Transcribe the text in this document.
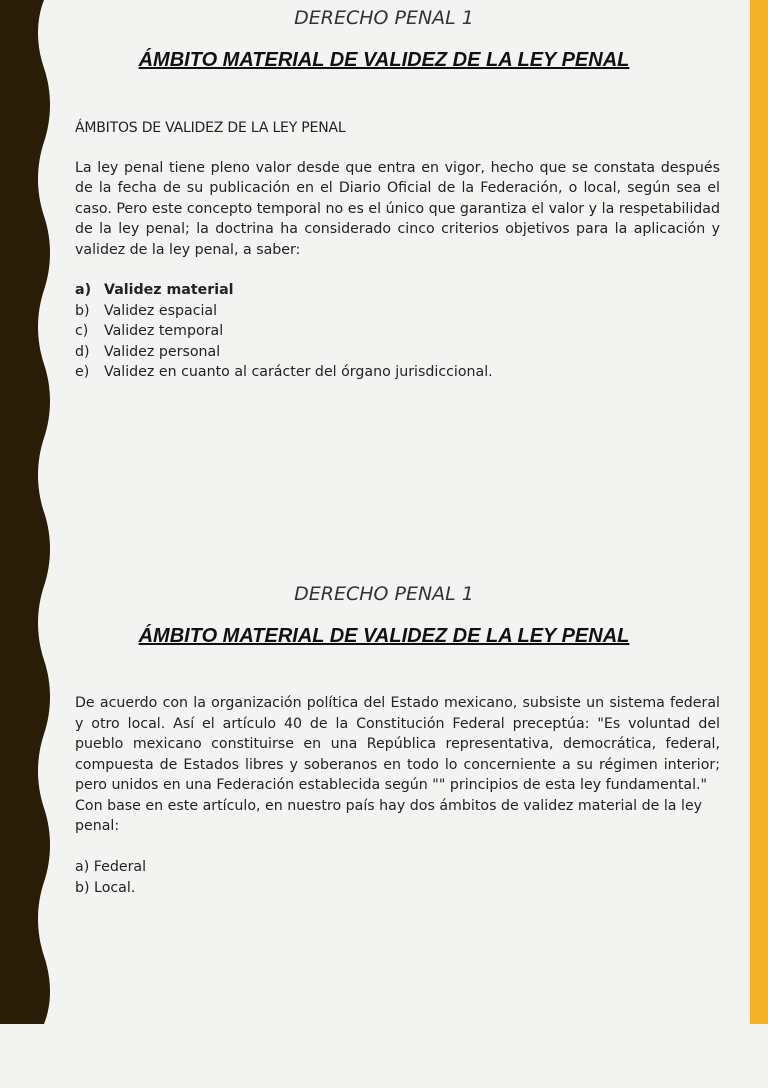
DERECHO PENAL 1
ÁMBITO MATERIAL DE VALIDEZ DE LA LEY PENAL
ÁMBITOS DE VALIDEZ DE LA LEY PENAL
La ley penal tiene pleno valor desde que entra en vigor, hecho que se constata después de la fecha de su publicación en el Diario Oficial de la Federación, o local, según sea el caso. Pero este concepto temporal no es el único que garantiza el valor y la respetabilidad de la ley penal; la doctrina ha considerado cinco criterios objetivos para la aplicación y validez de la ley penal, a saber:
a) Validez material
b)	Validez espacial
c)	Validez temporal
d)	Validez personal
e)	Validez en cuanto al carácter del órgano jurisdiccional.
DERECHO PENAL 1
ÁMBITO MATERIAL DE VALIDEZ DE LA LEY PENAL
De acuerdo con la organización política del Estado mexicano, subsiste un sistema federal y otro local. Así el artículo 40 de la Constitución Federal preceptúa: "Es voluntad del pueblo mexicano constituirse en una República representativa, democrática, federal, compuesta de Estados libres y soberanos en todo lo concerniente a su régimen interior; pero unidos en una Federación establecida según "" principios de esta ley fundamental."
Con base en este artículo, en nuestro país hay dos ámbitos de validez material de la ley penal:
a) Federal
b) Local.
